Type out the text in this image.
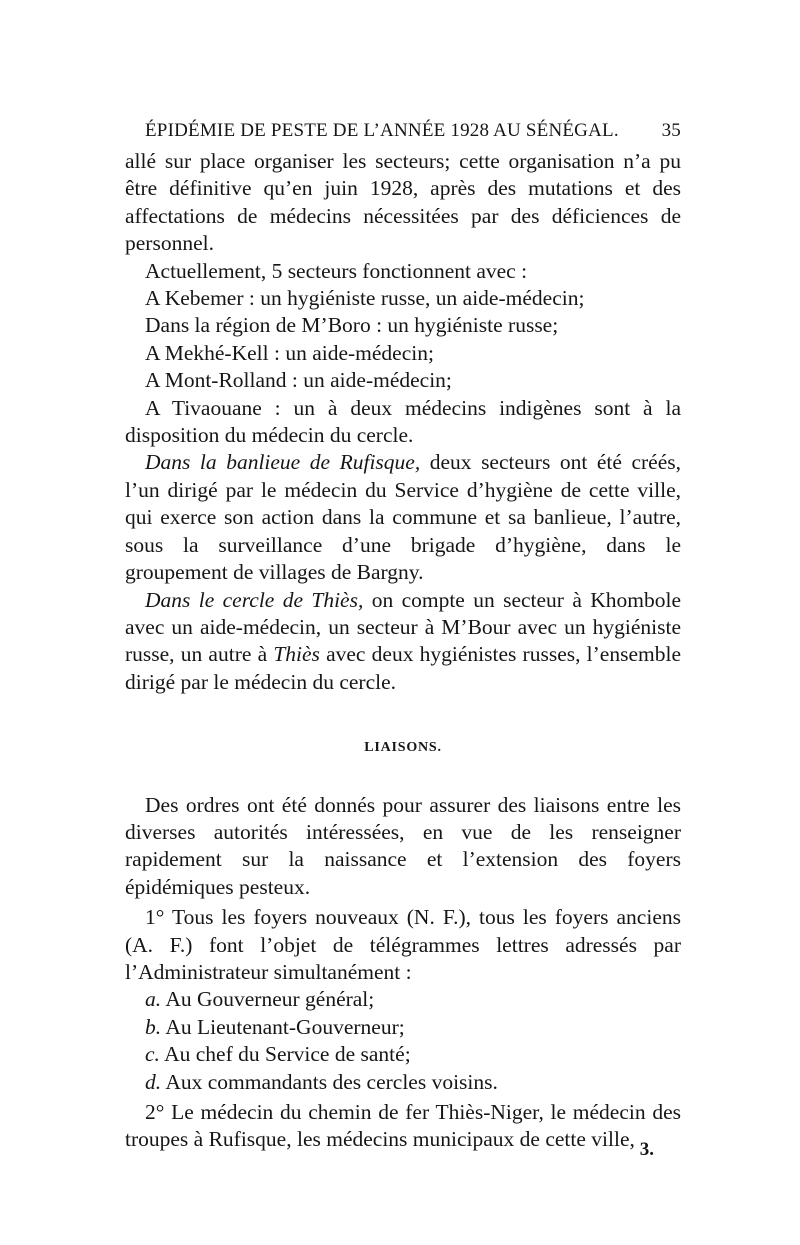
ÉPIDÉMIE DE PESTE DE L’ANNÉE 1928 AU SÉNÉGAL. 35

allé sur place organiser les secteurs; cette organisation n’a pu être définitive qu’en juin 1928, après des mutations et des affectations de médecins nécessitées par des déficiences de personnel.

Actuellement, 5 secteurs fonctionnent avec :

A Kebemer : un hygiéniste russe, un aide-médecin;

Dans la région de M’Boro : un hygiéniste russe;

A Mekhé-Kell : un aide-médecin;

A Mont-Rolland : un aide-médecin;

A Tivaouane : un à deux médecins indigènes sont à la disposition du médecin du cercle.

Dans la banlieue de Rufisque, deux secteurs ont été créés, l’un dirigé par le médecin du Service d’hygiène de cette ville, qui exerce son action dans la commune et sa banlieue, l’autre, sous la surveillance d’une brigade d’hygiène, dans le groupement de villages de Bargny.

Dans le cercle de Thiès, on compte un secteur à Khombole avec un aide-médecin, un secteur à M’Bour avec un hygiéniste russe, un autre à Thiès avec deux hygiénistes russes, l’ensemble dirigé par le médecin du cercle.

LIAISONS.

Des ordres ont été donnés pour assurer des liaisons entre les diverses autorités intéressées, en vue de les renseigner rapidement sur la naissance et l’extension des foyers épidémiques pesteux.

1° Tous les foyers nouveaux (N. F.), tous les foyers anciens (A. F.) font l’objet de télégrammes lettres adressés par l’Administrateur simultanément :

a. Au Gouverneur général;

b. Au Lieutenant-Gouverneur;

c. Au chef du Service de santé;

d. Aux commandants des cercles voisins.

2° Le médecin du chemin de fer Thiès-Niger, le médecin des troupes à Rufisque, les médecins municipaux de cette ville, 3.
